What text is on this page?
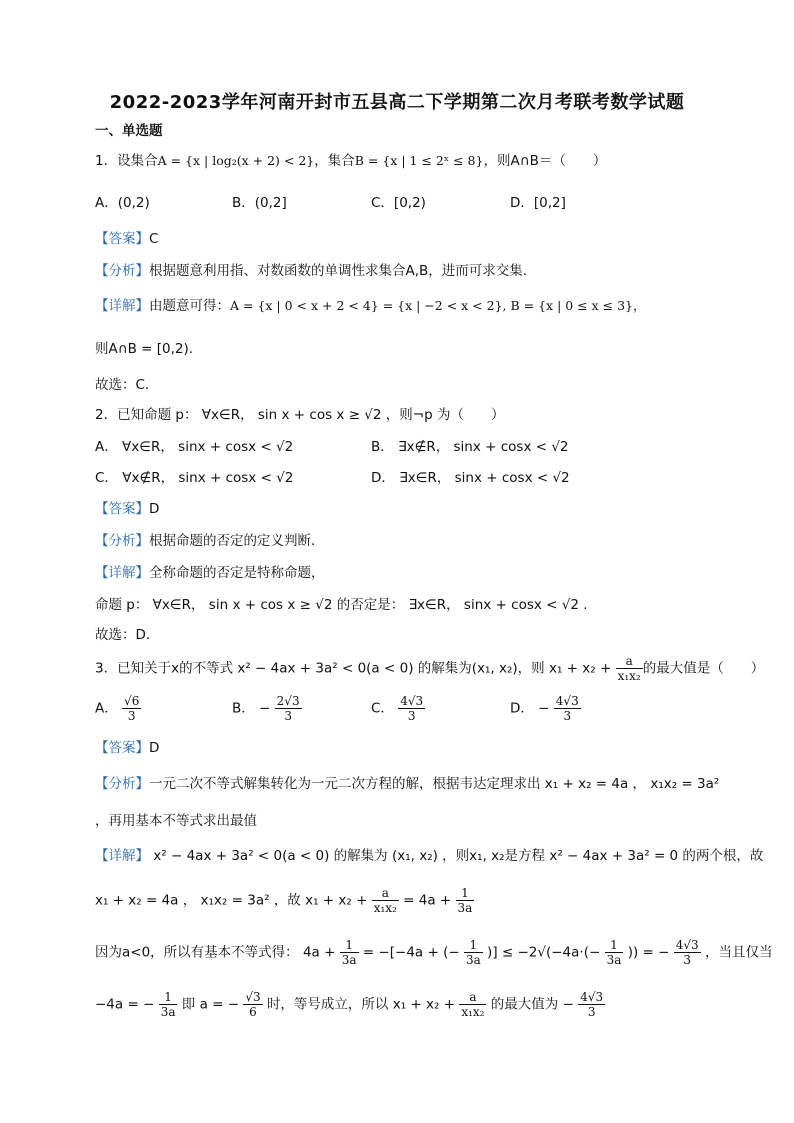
2022-2023学年河南开封市五县高二下学期第二次月考联考数学试题
一、单选题
1．设集合A = {x | log₂(x + 2) < 2}，集合B = {x | 1 ≤ 2ˣ ≤ 8}，则A∩B＝（　　）
A．(0,2)	B．(0,2]	C．[0,2)	D．[0,2]
【答案】C
【分析】根据题意利用指、对数函数的单调性求集合A,B，进而可求交集.
【详解】由题意可得：A = {x | 0 < x + 2 < 4} = {x | −2 < x < 2}, B = {x | 0 ≤ x ≤ 3}，
则A∩B = [0,2).
故选：C.
2．已知命题 p： ∀x∈R， sin x + cos x ≥ √2 ，则¬p 为（　　）
A． ∀x∈R， sinx + cosx < √2	B． ∃x∉R， sinx + cosx < √2
C． ∀x∉R， sinx + cosx < √2	D． ∃x∈R， sinx + cosx < √2
【答案】D
【分析】根据命题的否定的定义判断．
【详解】全称命题的否定是特称命题，
命题 p： ∀x∈R， sin x + cos x ≥ √2 的否定是： ∃x∈R， sinx + cosx < √2 .
故选：D．
3．已知关于x的不等式 x² − 4ax + 3a² < 0(a < 0) 的解集为(x₁, x₂)，则 $x_1 + x_2 + \frac{a}{\text{x₁x₂}}$ 的最大值是（　　）
A． $\frac{√6}{3}$	B． − $\frac{2√3}{3}$	C． $\frac{4√3}{3}$	D． − $\frac{4√3}{3}$
【答案】D
【分析】一元二次不等式解集转化为一元二次方程的解，根据韦达定理求出 x₁ + x₂ = 4a ， x₁x₂ = 3a²
，再用基本不等式求出最值
【详解】 x² − 4ax + 3a² < 0(a < 0) 的解集为 (x₁, x₂) ，则x₁, x₂是方程 x² − 4ax + 3a² = 0 的两个根，故
x₁ + x₂ = 4a ， x₁x₂ = 3a² ，故 $x_1 + x_2 + \frac{a}{\text{x₁x₂}} = 4a + \frac{1}{3a}$
因为a<0，所以有基本不等式得： $4a + \frac{1}{3a} = -[-4a$ + (− $\frac{1}{3a}$ )] ≤ $-2√(-4a\cdot(- \frac{1}{3a}$ )) = − $\frac{4√3}{3}$ ，当且仅当
−4a = − $\frac{1}{3a}$ 即 a = − $\frac{√3}{6}$ 时，等号成立，所以 $x_1 + x_2 + \frac{a}{\text{x₁x₂}}$ 的最大值为 − $\frac{4√3}{3}$
